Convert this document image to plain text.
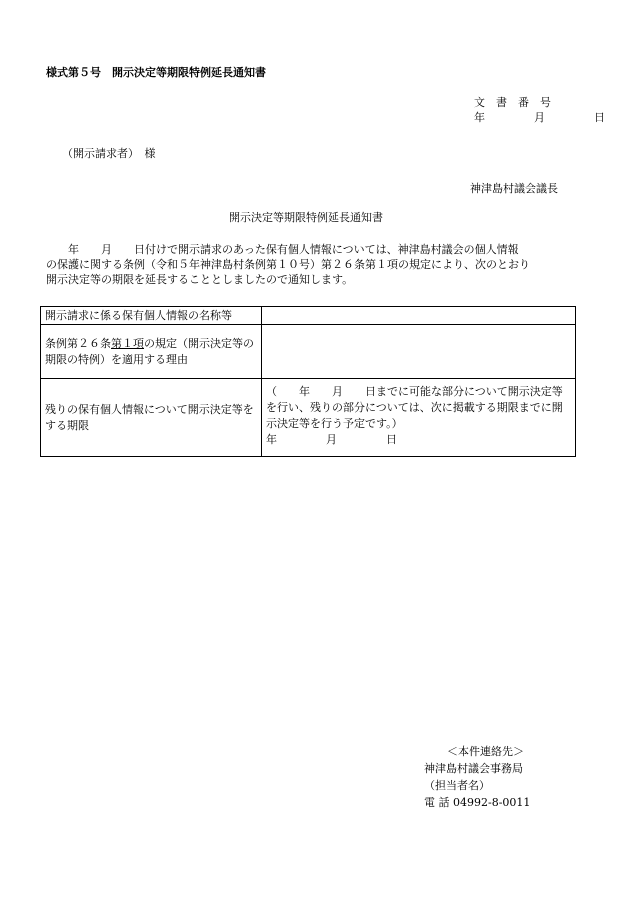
様式第５号　開示決定等期限特例延長通知書
文　書　番　号
年　　月　　日
（開示請求者）　様
神津島村議会議長
開示決定等期限特例延長通知書
　　年　　月　　日付けで開示請求のあった保有個人情報については、神津島村議会の個人情報
の保護に関する条例（令和５年神津島村条例第１０号）第２６条第１項の規定により、次のとおり
開示決定等の期限を延長することとしましたので通知します。
開示請求に係る保有個人情報の名称等	
条例第２６条第１項の規定（開示決定等の期限の特例）を適用する理由	
残りの保有個人情報について開示決定等をする期限	（　　年　　月　　日までに可能な部分について開示決定等を行い、残りの部分については、次に掲載する期限までに開示決定等を行う予定です。）
年　　月　　日
＜本件連絡先＞
神津島村議会事務局
（担当者名）
電 話 04992-8-0011
